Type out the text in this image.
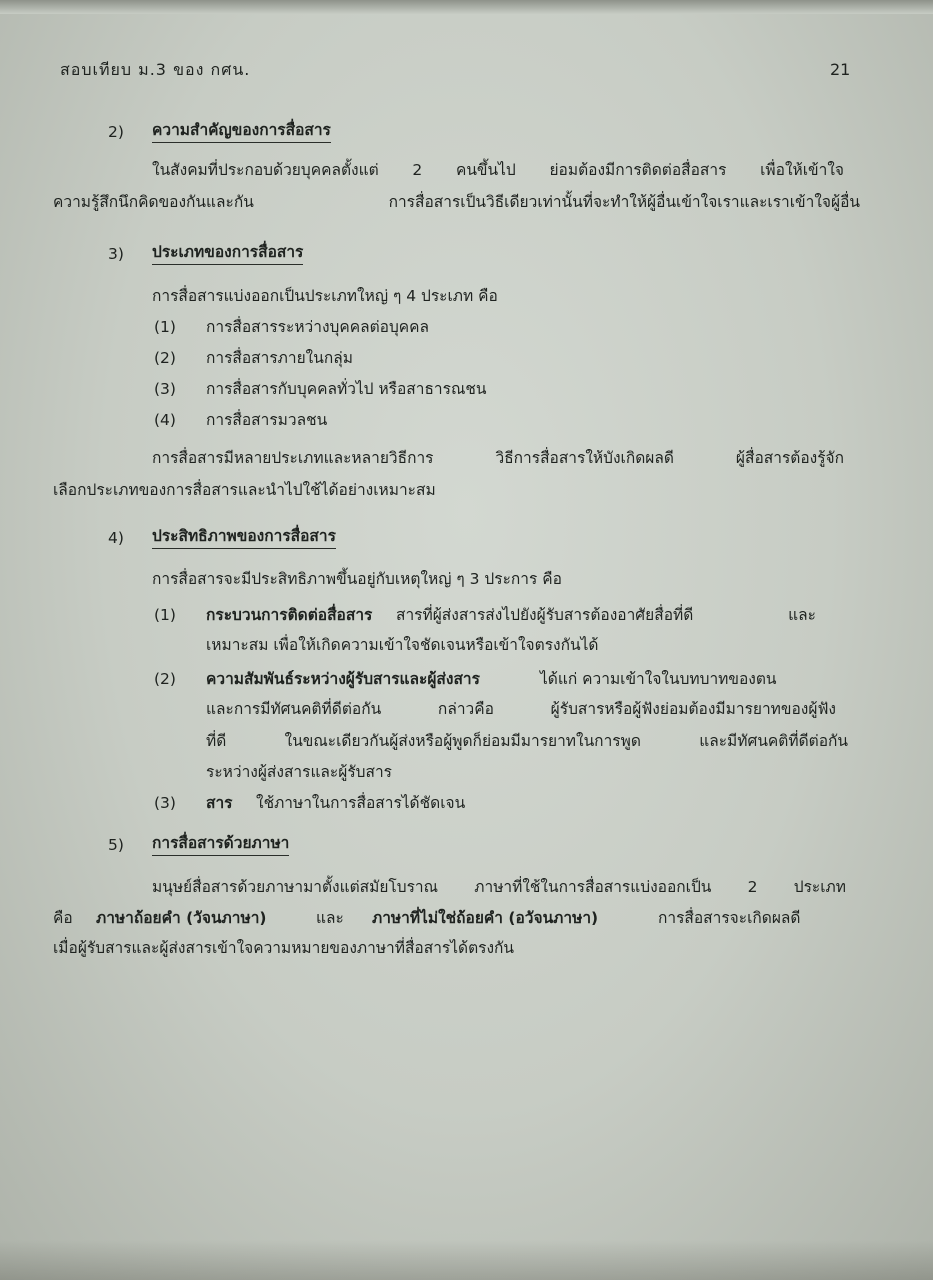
สอบเทียบ ม.3 ของ กศน.	21
2) ความสำคัญของการสื่อสาร
ในสังคมที่ประกอบด้วยบุคคลตั้งแต่ 2 คนขึ้นไป ย่อมต้องมีการติดต่อสื่อสาร เพื่อให้เข้าใจ
ความรู้สึกนึกคิดของกันและกัน การสื่อสารเป็นวิธีเดียวเท่านั้นที่จะทำให้ผู้อื่นเข้าใจเราและเราเข้าใจผู้อื่น
3) ประเภทของการสื่อสาร
การสื่อสารแบ่งออกเป็นประเภทใหญ่ ๆ 4 ประเภท คือ
(1) การสื่อสารระหว่างบุคคลต่อบุคคล
(2) การสื่อสารภายในกลุ่ม
(3) การสื่อสารกับบุคคลทั่วไป หรือสาธารณชน
(4) การสื่อสารมวลชน
การสื่อสารมีหลายประเภทและหลายวิธีการ วิธีการสื่อสารให้บังเกิดผลดี ผู้สื่อสารต้องรู้จัก
เลือกประเภทของการสื่อสารและนำไปใช้ได้อย่างเหมาะสม
4) ประสิทธิภาพของการสื่อสาร
การสื่อสารจะมีประสิทธิภาพขึ้นอยู่กับเหตุใหญ่ ๆ 3 ประการ คือ
(1) กระบวนการติดต่อสื่อสาร สารที่ผู้ส่งสารส่งไปยังผู้รับสารต้องอาศัยสื่อที่ดี และ
เหมาะสม เพื่อให้เกิดความเข้าใจชัดเจนหรือเข้าใจตรงกันได้
(2) ความสัมพันธ์ระหว่างผู้รับสารและผู้ส่งสาร	ได้แก่ ความเข้าใจในบทบาทของตน
และการมีทัศนคติที่ดีต่อกัน กล่าวคือ ผู้รับสารหรือผู้ฟังย่อมต้องมีมารยาทของผู้ฟัง
ที่ดี ในขณะเดียวกันผู้ส่งหรือผู้พูดก็ย่อมมีมารยาทในการพูด และมีทัศนคติที่ดีต่อกัน
ระหว่างผู้ส่งสารและผู้รับสาร
(3) สาร ใช้ภาษาในการสื่อสารได้ชัดเจน
5) การสื่อสารด้วยภาษา
มนุษย์สื่อสารด้วยภาษามาตั้งแต่สมัยโบราณ ภาษาที่ใช้ในการสื่อสารแบ่งออกเป็น 2 ประเภท
คือ ภาษาถ้อยคำ (วัจนภาษา)	และ ภาษาที่ไม่ใช่ถ้อยคำ (อวัจนภาษา)	การสื่อสารจะเกิดผลดี
เมื่อผู้รับสารและผู้ส่งสารเข้าใจความหมายของภาษาที่สื่อสารได้ตรงกัน
